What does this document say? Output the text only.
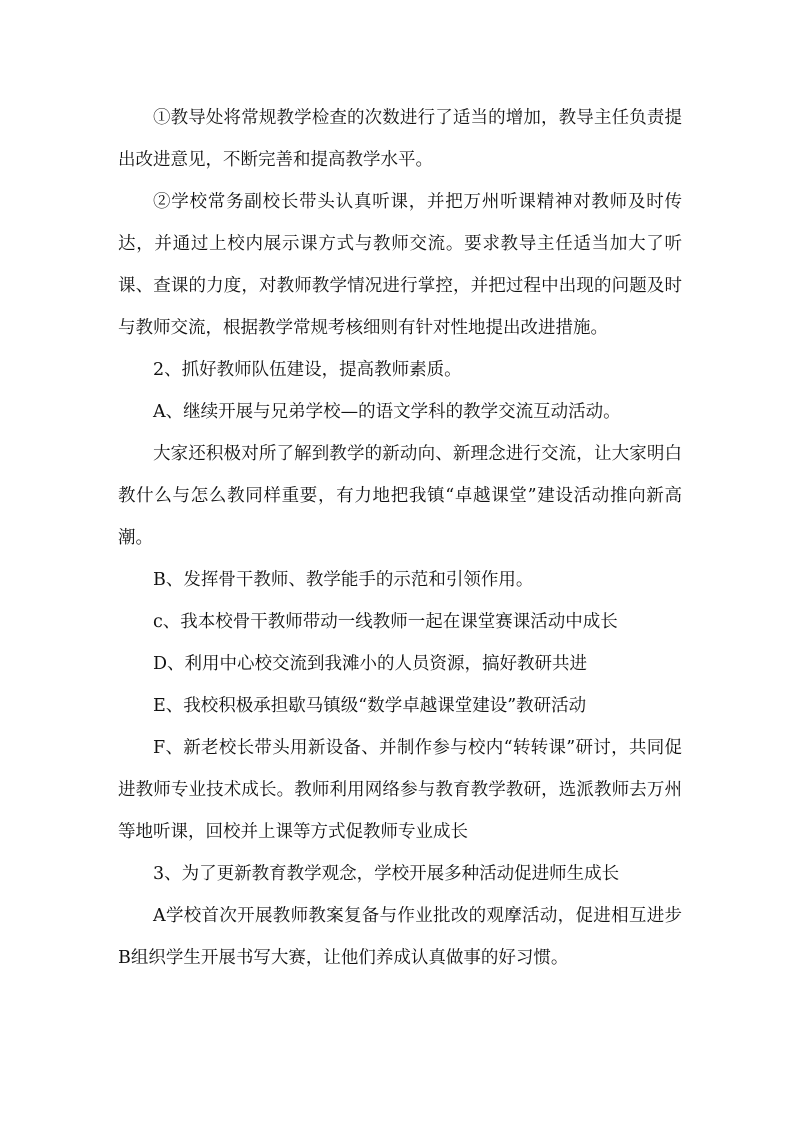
①教导处将常规教学检查的次数进行了适当的增加，教导主任负责提出改进意见，不断完善和提高教学水平。

②学校常务副校长带头认真听课，并把万州听课精神对教师及时传达，并通过上校内展示课方式与教师交流。要求教导主任适当加大了听课、查课的力度，对教师教学情况进行掌控，并把过程中出现的问题及时与教师交流，根据教学常规考核细则有针对性地提出改进措施。

2、抓好教师队伍建设，提高教师素质。

A、继续开展与兄弟学校—的语文学科的教学交流互动活动。

大家还积极对所了解到教学的新动向、新理念进行交流，让大家明白教什么与怎么教同样重要，有力地把我镇“卓越课堂”建设活动推向新高潮。

B、发挥骨干教师、教学能手的示范和引领作用。

c、我本校骨干教师带动一线教师一起在课堂赛课活动中成长

D、利用中心校交流到我滩小的人员资源，搞好教研共进

E、我校积极承担歇马镇级“数学卓越课堂建设”教研活动

F、新老校长带头用新设备、并制作参与校内“转转课”研讨，共同促进教师专业技术成长。教师利用网络参与教育教学教研，选派教师去万州等地听课，回校并上课等方式促教师专业成长

3、为了更新教育教学观念，学校开展多种活动促进师生成长

A学校首次开展教师教案复备与作业批改的观摩活动，促进相互进步B组织学生开展书写大赛，让他们养成认真做事的好习惯。
